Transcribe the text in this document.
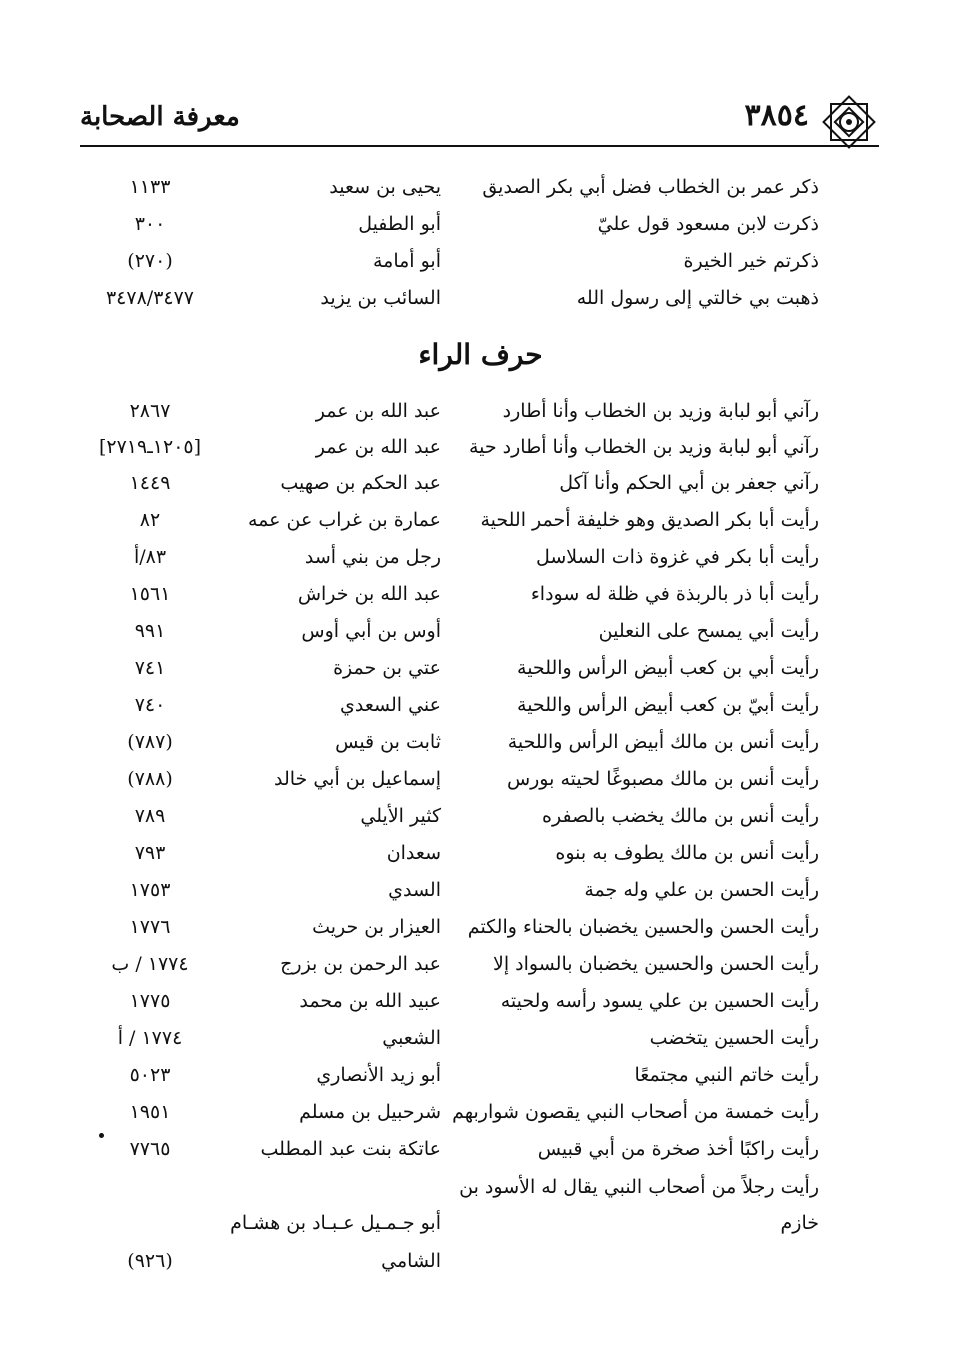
معرفة الصحابة	٣٨٥٤
ذكر عمر بن الخطاب فضل أبي بكر الصديق
يحيى بن سعيد
١١٣٣
ذكرت لابن مسعود قول عليّ
أبو الطفيل
٣٠٠
ذكرتم خير الخيرة
أبو أمامة
(٢٧٠)
ذهبت بي خالتي إلى رسول الله
السائب بن يزيد
٣٤٧٨/٣٤٧٧
حرف الراء
رآني أبو لبابة وزيد بن الخطاب وأنا أطارد
عبد الله بن عمر
٢٨٦٧
رآني أبو لبابة وزيد بن الخطاب وأنا أطارد حية
عبد الله بن عمر
[١٢٠٥ـ٢٧١٩]
رآني جعفر بن أبي الحكم وأنا آكل
عبد الحكم بن صهيب
١٤٤٩
رأيت أبا بكر الصديق وهو خليفة أحمر اللحية
عمارة بن غراب عن عمه
٨٢
رأيت أبا بكر في غزوة ذات السلاسل
رجل من بني أسد
٨٣/أ
رأيت أبا ذر بالربذة في ظلة له سوداء
عبد الله بن خراش
١٥٦١
رأيت أبي يمسح على النعلين
أوس بن أبي أوس
٩٩١
رأيت أبي بن كعب أبيض الرأس واللحية
عتي بن حمزة
٧٤١
رأيت أبيّ بن كعب أبيض الرأس واللحية
عني السعدي
٧٤٠
رأيت أنس بن مالك أبيض الرأس واللحية
ثابت بن قيس
(٧٨٧)
رأيت أنس بن مالك مصبوغًا لحيته بورس
إسماعيل بن أبي خالد
(٧٨٨)
رأيت أنس بن مالك يخضب بالصفره
كثير الأيلي
٧٨٩
رأيت أنس بن مالك يطوف به بنوه
سعدان
٧٩٣
رأيت الحسن بن علي وله جمة
السدي
١٧٥٣
رأيت الحسن والحسين يخضبان بالحناء والكتم
العيزار بن حريث
١٧٧٦
رأيت الحسن والحسين يخضبان بالسواد إلا
عبد الرحمن بن بزرج
١٧٧٤ / ب
رأيت الحسين بن علي يسود رأسه ولحيته
عبيد الله بن محمد
١٧٧٥
رأيت الحسين يتخضب
الشعبي
١٧٧٤ / أ
رأيت خاتم النبي مجتمعًا
أبو زيد الأنصاري
٥٠٢٣
رأيت خمسة من أصحاب النبي يقصون شواربهم
شرحبيل بن مسلم
١٩٥١
رأيت راكبًا أخذ صخرة من أبي قبيس
عاتكة بنت عبد المطلب
٧٧٦٥
رأيت رجلاً من أصحاب النبي يقال له الأسود بن
خازم
أبو جـمـيل عـبـاد بن هشـام
الشامي
(٩٢٦)
